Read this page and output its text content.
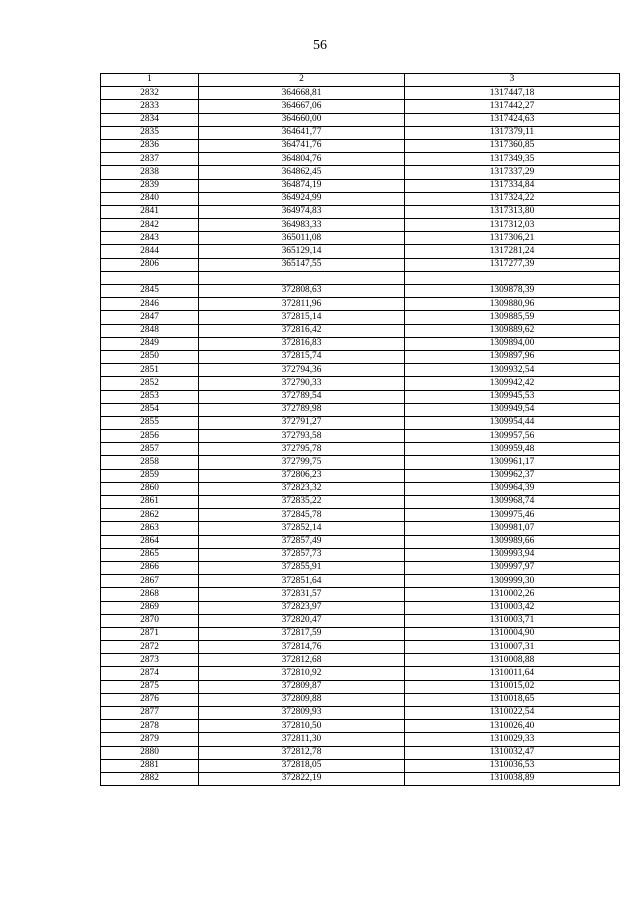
56
1	2	3
2832	364668,81	1317447,18
2833	364667,06	1317442,27
2834	364660,00	1317424,63
2835	364641,77	1317379,11
2836	364741,76	1317360,85
2837	364804,76	1317349,35
2838	364862,45	1317337,29
2839	364874,19	1317334,84
2840	364924,99	1317324,22
2841	364974,83	1317313,80
2842	364983,33	1317312,03
2843	365011,08	1317306,21
2844	365129,14	1317281,24
2806	365147,55	1317277,39

2845	372808,63	1309878,39
2846	372811,96	1309880,96
2847	372815,14	1309885,59
2848	372816,42	1309889,62
2849	372816,83	1309894,00
2850	372815,74	1309897,96
2851	372794,36	1309932,54
2852	372790,33	1309942,42
2853	372789,54	1309945,53
2854	372789,98	1309949,54
2855	372791,27	1309954,44
2856	372793,58	1309957,56
2857	372795,78	1309959,48
2858	372799,75	1309961,17
2859	372806,23	1309962,37
2860	372823,32	1309964,39
2861	372835,22	1309968,74
2862	372845,78	1309975,46
2863	372852,14	1309981,07
2864	372857,49	1309989,66
2865	372857,73	1309993,94
2866	372855,91	1309997,97
2867	372851,64	1309999,30
2868	372831,57	1310002,26
2869	372823,97	1310003,42
2870	372820,47	1310003,71
2871	372817,59	1310004,90
2872	372814,76	1310007,31
2873	372812,68	1310008,88
2874	372810,92	1310011,64
2875	372809,87	1310015,02
2876	372809,88	1310018,65
2877	372809,93	1310022,54
2878	372810,50	1310026,40
2879	372811,30	1310029,33
2880	372812,78	1310032,47
2881	372818,05	1310036,53
2882	372822,19	1310038,89
